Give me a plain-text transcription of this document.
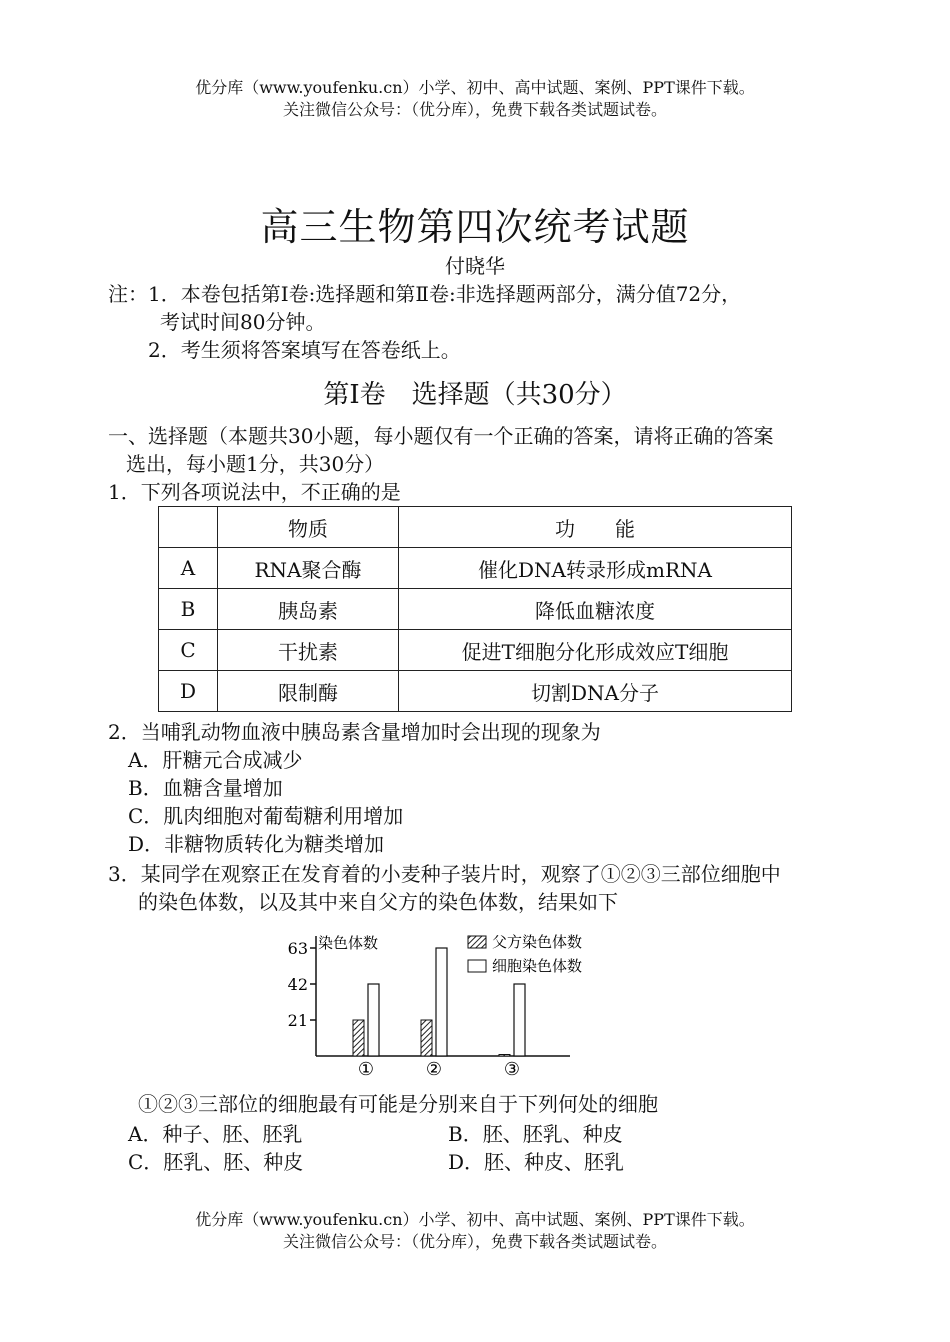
优分库（www.youfenku.cn）小学、初中、高中试题、案例、PPT课件下载。
关注微信公众号：（优分库），免费下载各类试题试卷。
高三生物第四次统考试题
付晓华
注：1．本卷包括第Ⅰ卷:选择题和第Ⅱ卷:非选择题两部分，满分值72分，
考试时间80分钟。
2．考生须将答案填写在答卷纸上。
第Ⅰ卷　选择题（共30分）
一、选择题（本题共30小题，每小题仅有一个正确的答案，请将正确的答案
选出，每小题1分，共30分）
1．下列各项说法中，不正确的是
	物质	功　　能
A	RNA聚合酶	催化DNA转录形成mRNA
B	胰岛素	降低血糖浓度
C	干扰素	促进T细胞分化形成效应T细胞
D	限制酶	切割DNA分子
2．当哺乳动物血液中胰岛素含量增加时会出现的现象为
A．肝糖元合成减少
B．血糖含量增加
C．肌肉细胞对葡萄糖利用增加
D．非糖物质转化为糖类增加
3．某同学在观察正在发育着的小麦种子装片时，观察了①②③三部位细胞中
的染色体数，以及其中来自父方的染色体数，结果如下
染色体数
21
42
63
①	②	③
父方染色体数
细胞染色体数
①②③三部位的细胞最有可能是分别来自于下列何处的细胞
A．种子、胚、胚乳	B．胚、胚乳、种皮
C．胚乳、胚、种皮	D．胚、种皮、胚乳
优分库（www.youfenku.cn）小学、初中、高中试题、案例、PPT课件下载。
关注微信公众号：（优分库），免费下载各类试题试卷。
